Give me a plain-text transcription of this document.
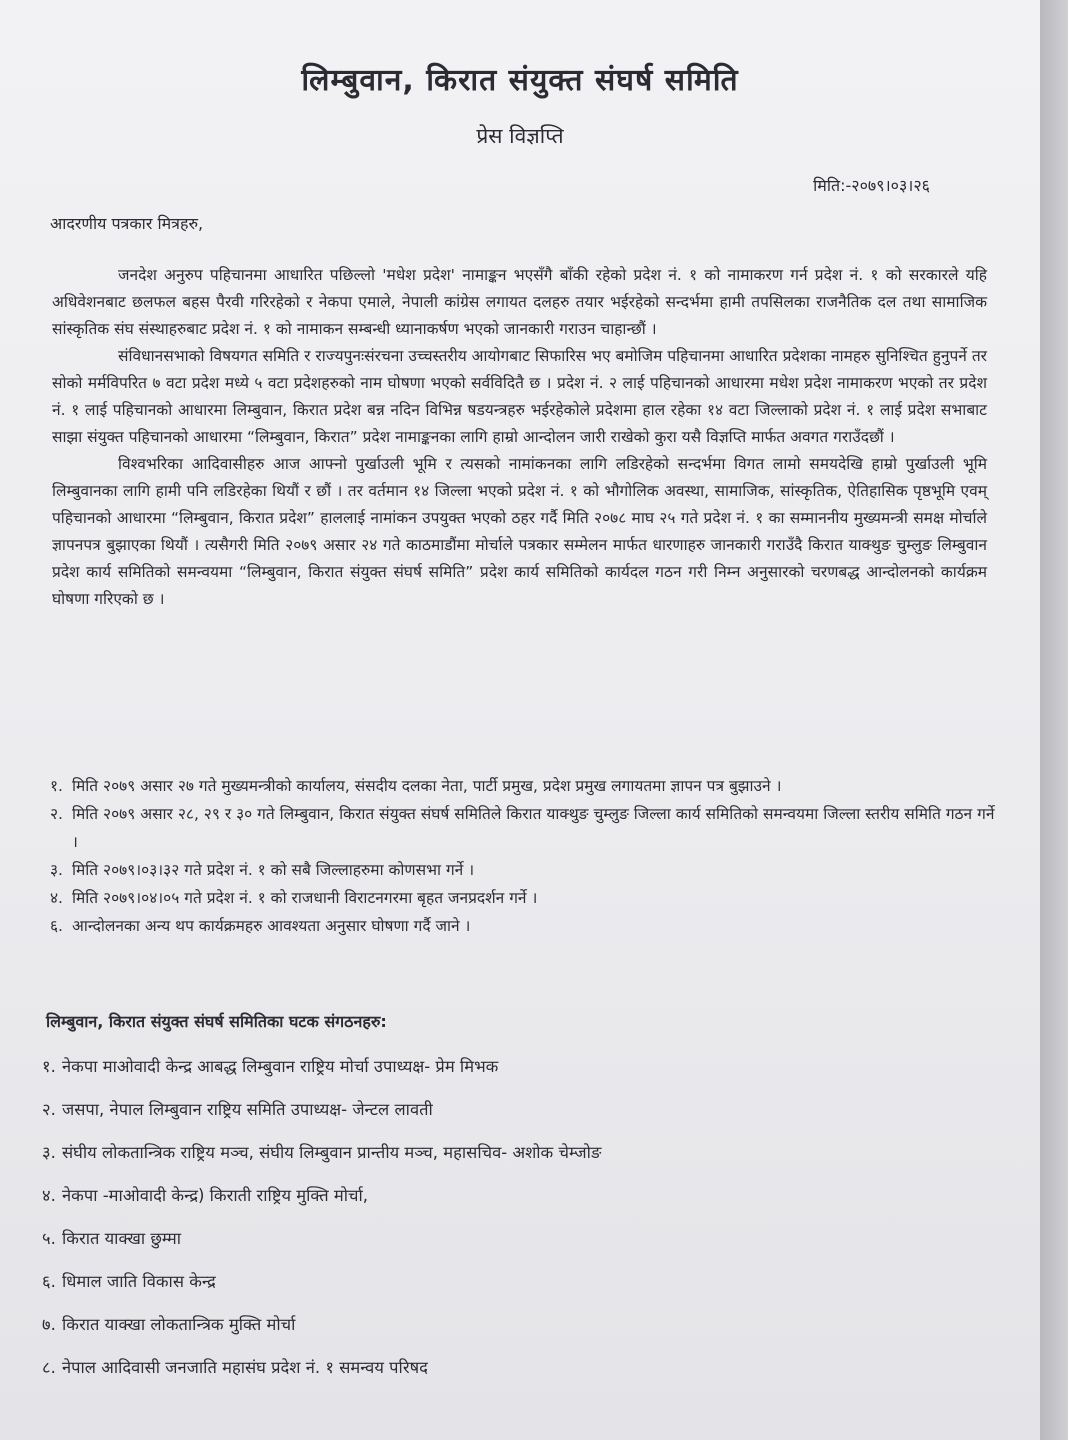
लिम्बुवान, किरात संयुक्त संघर्ष समिति
प्रेस विज्ञप्ति
मिति:-२०७९।०३।२६
आदरणीय पत्रकार मित्रहरु,

जनदेश अनुरुप पहिचानमा आधारित पछिल्लो 'मधेश प्रदेश' नामाङ्कन भएसँगै बाँकी रहेको प्रदेश नं. १ को नामाकरण गर्न प्रदेश नं. १ को सरकारले यहि अधिवेशनबाट छलफल बहस पैरवी गरिरहेको र नेकपा एमाले, नेपाली कांग्रेस लगायत दलहरु तयार भईरहेको सन्दर्भमा हामी तपसिलका राजनैतिक दल तथा सामाजिक सांस्कृतिक संघ संस्थाहरुबाट प्रदेश नं. १ को नामाकन सम्बन्धी ध्यानाकर्षण भएको जानकारी गराउन चाहान्छौं ।

संविधानसभाको विषयगत समिति र राज्यपुनःसंरचना उच्चस्तरीय आयोगबाट सिफारिस भए बमोजिम पहिचानमा आधारित प्रदेशका नामहरु सुनिश्चित हुनुपर्ने तर सोको मर्मविपरित ७ वटा प्रदेश मध्ये ५ वटा प्रदेशहरुको नाम घोषणा भएको सर्वविदितै छ । प्रदेश नं. २ लाई पहिचानको आधारमा मधेश प्रदेश नामाकरण भएको तर प्रदेश नं. १ लाई पहिचानको आधारमा लिम्बुवान, किरात प्रदेश बन्न नदिन विभिन्न षडयन्त्रहरु भईरहेकोले प्रदेशमा हाल रहेका १४ वटा जिल्लाको प्रदेश नं. १ लाई प्रदेश सभाबाट साझा संयुक्त पहिचानको आधारमा “लिम्बुवान, किरात” प्रदेश नामाङ्कनका लागि हाम्रो आन्दोलन जारी राखेको कुरा यसै विज्ञप्ति मार्फत अवगत गराउँदछौं ।

विश्वभरिका आदिवासीहरु आज आफ्नो पुर्खाउली भूमि र त्यसको नामांकनका लागि लडिरहेको सन्दर्भमा विगत लामो समयदेखि हाम्रो पुर्खाउली भूमि लिम्बुवानका लागि हामी पनि लडिरहेका थियौं र छौं । तर वर्तमान १४ जिल्ला भएको प्रदेश नं. १ को भौगोलिक अवस्था, सामाजिक, सांस्कृतिक, ऐतिहासिक पृष्ठभूमि एवम् पहिचानको आधारमा “लिम्बुवान, किरात प्रदेश” हाललाई नामांकन उपयुक्त भएको ठहर गर्दै मिति २०७८ माघ २५ गते प्रदेश नं. १ का सम्माननीय मुख्यमन्त्री समक्ष मोर्चाले ज्ञापनपत्र बुझाएका थियौं । त्यसैगरी मिति २०७९ असार २४ गते काठमाडौंमा मोर्चाले पत्रकार सम्मेलन मार्फत धारणाहरु जानकारी गराउँदै किरात याक्थुङ चुम्लुङ लिम्बुवान प्रदेश कार्य समितिको समन्वयमा “लिम्बुवान, किरात संयुक्त संघर्ष समिति” प्रदेश कार्य समितिको कार्यदल गठन गरी निम्न अनुसारको चरणबद्ध आन्दोलनको कार्यक्रम घोषणा गरिएको छ ।

१. मिति २०७९ असार २७ गते मुख्यमन्त्रीको कार्यालय, संसदीय दलका नेता, पार्टी प्रमुख, प्रदेश प्रमुख लगायतमा ज्ञापन पत्र बुझाउने ।
२. मिति २०७९ असार २८, २९ र ३० गते लिम्बुवान, किरात संयुक्त संघर्ष समितिले किरात याक्थुङ चुम्लुङ जिल्ला कार्य समितिको समन्वयमा जिल्ला स्तरीय समिति गठन गर्ने ।
३. मिति २०७९।०३।३२ गते प्रदेश नं. १ को सबै जिल्लाहरुमा कोणसभा गर्ने ।
४. मिति २०७९।०४।०५ गते प्रदेश नं. १ को राजधानी विराटनगरमा बृहत जनप्रदर्शन गर्ने ।
६. आन्दोलनका अन्य थप कार्यक्रमहरु आवश्यता अनुसार घोषणा गर्दै जाने ।
लिम्बुवान, किरात संयुक्त संघर्ष समितिका घटक संगठनहरु:
१. नेकपा माओवादी केन्द्र आबद्ध लिम्बुवान राष्ट्रिय मोर्चा उपाध्यक्ष- प्रेम मिभक
२. जसपा, नेपाल लिम्बुवान राष्ट्रिय समिति उपाध्यक्ष- जेन्टल लावती
३. संघीय लोकतान्त्रिक राष्ट्रिय मञ्च, संघीय लिम्बुवान प्रान्तीय मञ्च, महासचिव- अशोक चेम्जोङ
४. नेकपा -माओवादी केन्द्र) किराती राष्ट्रिय मुक्ति मोर्चा,
५. किरात याक्खा छुम्मा
६. धिमाल जाति विकास केन्द्र
७. किरात याक्खा लोकतान्त्रिक मुक्ति मोर्चा
८. नेपाल आदिवासी जनजाति महासंघ प्रदेश नं. १ समन्वय परिषद
